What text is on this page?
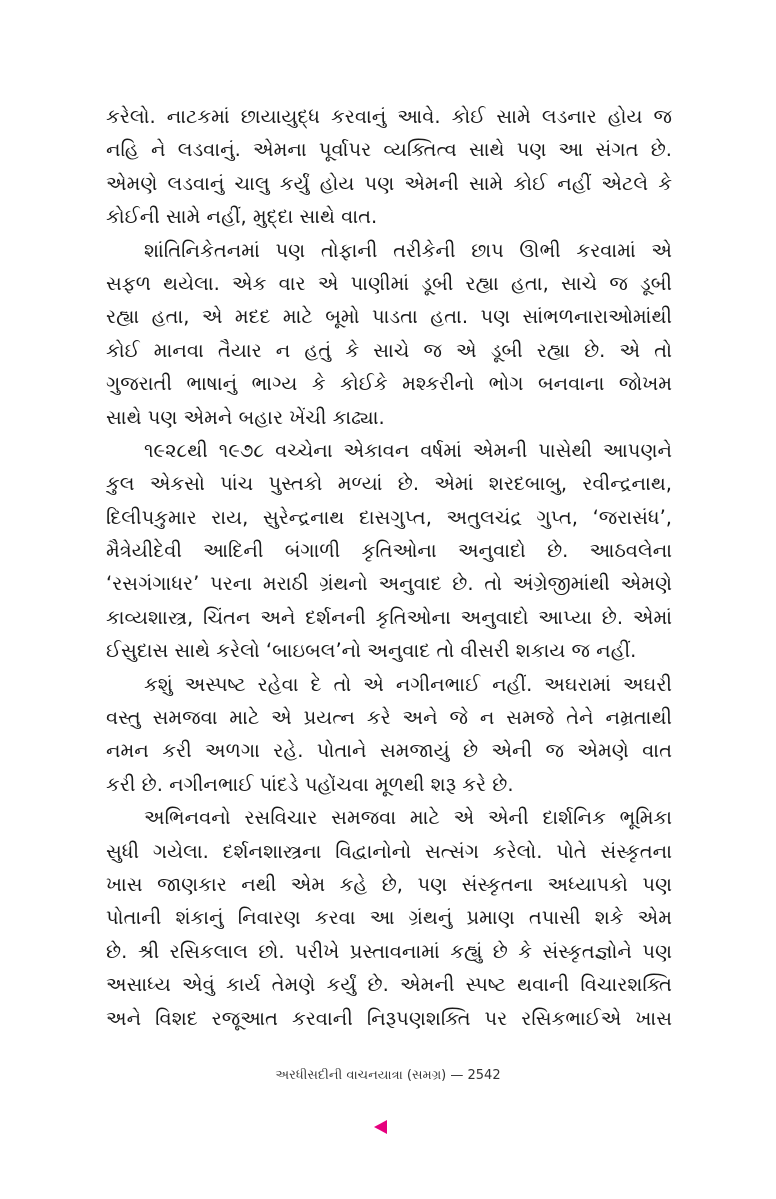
કરેલો. નાટકમાં છાયાયુદ્ધ કરવાનું આવે. કોઈ સામે લડનાર હોય જ
નહિ ને લડવાનું. એમના પૂર્વાપર વ્યક્તિત્વ સાથે પણ આ સંગત છે.
એમણે લડવાનું ચાલુ કર્યું હોય પણ એમની સામે કોઈ નહીં એટલે કે
કોઈની સામે નહીં, મુદ્દા સાથે વાત.
શાંતિનિકેતનમાં પણ તોફાની તરીકેની છાપ ઊભી કરવામાં એ
સફળ થયેલા. એક વાર એ પાણીમાં ડૂબી રહ્યા હતા, સાચે જ ડૂબી
રહ્યા હતા, એ મદદ માટે બૂમો પાડતા હતા. પણ સાંભળનારાઓમાંથી
કોઈ માનવા તૈયાર ન હતું કે સાચે જ એ ડૂબી રહ્યા છે. એ તો
ગુજરાતી ભાષાનું ભાગ્ય કે કોઈકે મશ્કરીનો ભોગ બનવાના જોખમ
સાથે પણ એમને બહાર ખેંચી કાઢ્યા.
૧૯૨૮થી ૧૯૭૮ વચ્ચેના એકાવન વર્ષમાં એમની પાસેથી આપણને
કુલ એકસો પાંચ પુસ્તકો મળ્યાં છે. એમાં શરદબાબુ, રવીન્દ્રનાથ,
દિલીપકુમાર રાય, સુરેન્દ્રનાથ દાસગુપ્ત, અતુલચંદ્ર ગુપ્ત, ‘જરાસંધ’,
મૈત્રેયીદેવી આદિની બંગાળી કૃતિઓના અનુવાદો છે. આઠવલેના
‘રસગંગાધર’ પરના મરાઠી ગ્રંથનો અનુવાદ છે. તો અંગ્રેજીમાંથી એમણે
કાવ્યશાસ્ત્ર, ચિંતન અને દર્શનની કૃતિઓના અનુવાદો આપ્યા છે. એમાં
ઈસુદાસ સાથે કરેલો ‘બાઇબલ’નો અનુવાદ તો વીસરી શકાય જ નહીં.
કશું અસ્પષ્ટ રહેવા દે તો એ નગીનભાઈ નહીં. અઘરામાં અઘરી
વસ્તુ સમજવા માટે એ પ્રયત્ન કરે અને જે ન સમજે તેને નમ્રતાથી
નમન કરી અળગા રહે. પોતાને સમજાયું છે એની જ એમણે વાત
કરી છે. નગીનભાઈ પાંદડે પહોંચવા મૂળથી શરૂ કરે છે.
અભિનવનો રસવિચાર સમજવા માટે એ એની દાર્શનિક ભૂમિકા
સુધી ગયેલા. દર્શનશાસ્ત્રના વિદ્વાનોનો સત્સંગ કરેલો. પોતે સંસ્કૃતના
ખાસ જાણકાર નથી એમ કહે છે, પણ સંસ્કૃતના અધ્યાપકો પણ
પોતાની શંકાનું નિવારણ કરવા આ ગ્રંથનું પ્રમાણ તપાસી શકે એમ
છે. શ્રી રસિકલાલ છો. પરીખે પ્રસ્તાવનામાં કહ્યું છે કે સંસ્કૃતજ્ઞોને પણ
અસાધ્ય એવું કાર્ય તેમણે કર્યું છે. એમની સ્પષ્ટ થવાની વિચારશક્તિ
અને વિશદ રજૂઆત કરવાની નિરૂપણશક્તિ પર રસિકભાઈએ ખાસ
અરધીસદીની વાચનયાત્રા (સમગ્ર) — 2542
